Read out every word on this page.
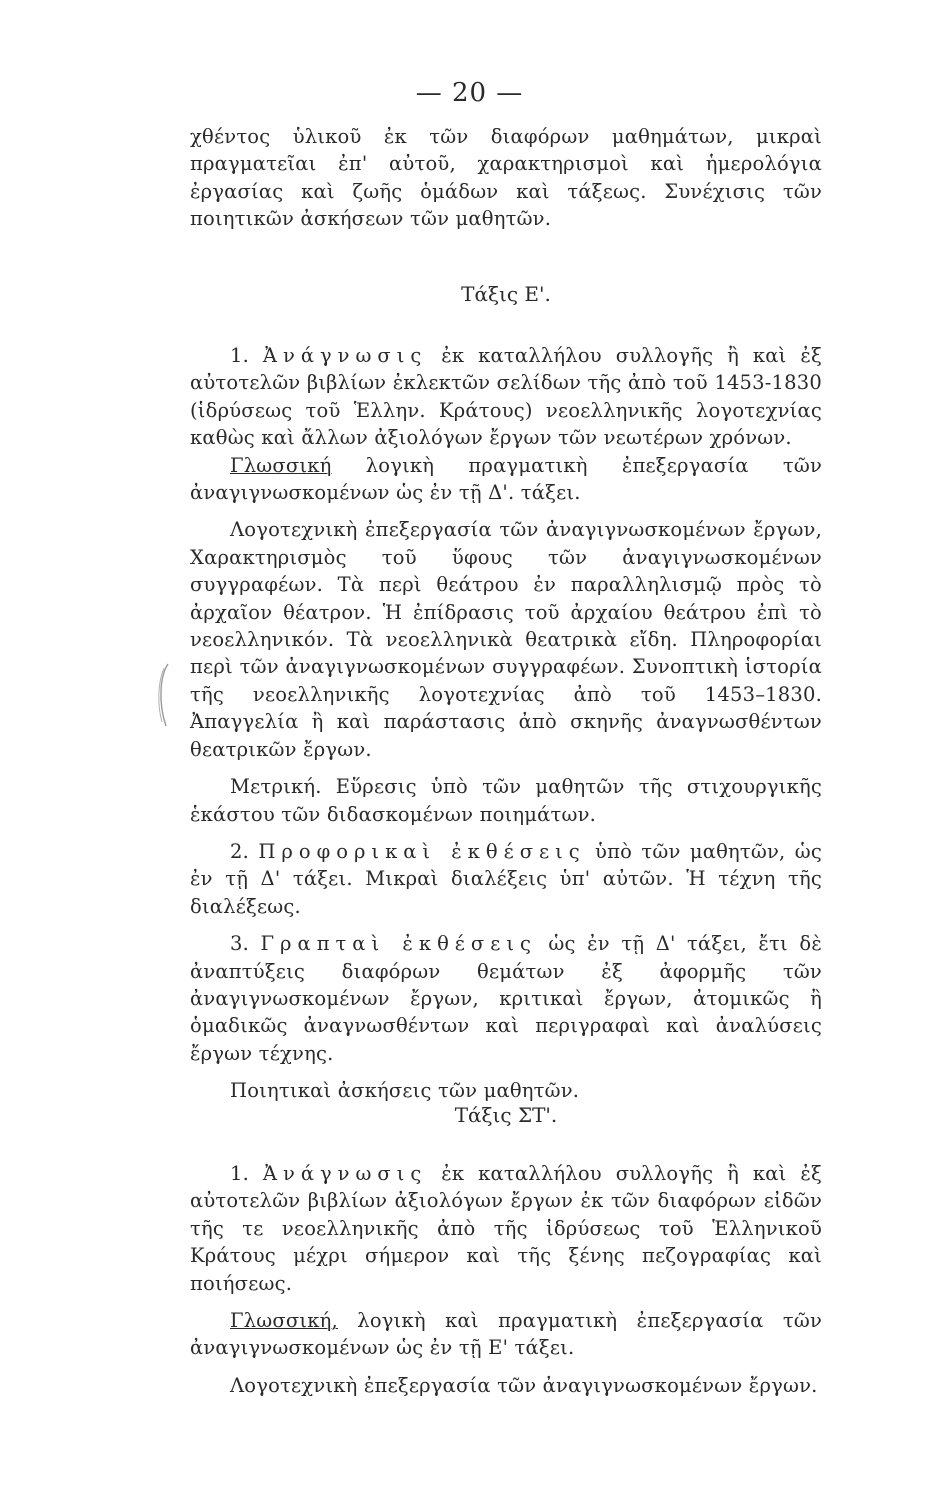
— 20 —

χθέντος ὑλικοῦ ἐκ τῶν διαφόρων μαθημάτων, μικραὶ πραγματεῖαι ἐπ' αὐτοῦ, χαρακτηρισμοὶ καὶ ἡμερολόγια ἐργασίας καὶ ζωῆς ὁμάδων καὶ τάξεως. Συνέχισις τῶν ποιητικῶν ἀσκήσεων τῶν μαθητῶν.

Τάξις Ε'.

1. Ἀνάγνωσις ἐκ καταλλήλου συλλογῆς ἢ καὶ ἐξ αὐτοτελῶν βιβλίων ἐκλεκτῶν σελίδων τῆς ἀπὸ τοῦ 1453-1830 (ἱδρύσεως τοῦ Ἑλλην. Κράτους) νεοελληνικῆς λογοτεχνίας καθὼς καὶ ἄλλων ἀξιολόγων ἔργων τῶν νεωτέρων χρόνων.

Γλωσσική λογικὴ πραγματικὴ ἐπεξεργασία τῶν ἀναγιγνωσκομένων ὡς ἐν τῇ Δ'. τάξει.

Λογοτεχνικὴ ἐπεξεργασία τῶν ἀναγιγνωσκομένων ἔργων, Χαρακτηρισμὸς τοῦ ὕφους τῶν ἀναγιγνωσκομένων συγγραφέων. Τὰ περὶ θεάτρου ἐν παραλληλισμῷ πρὸς τὸ ἀρχαῖον θέατρον. Ἡ ἐπίδρασις τοῦ ἀρχαίου θεάτρου ἐπὶ τὸ νεοελληνικόν. Τὰ νεοελληνικὰ θεατρικὰ εἴδη. Πληροφορίαι περὶ τῶν ἀναγιγνωσκομένων συγγραφέων. Συνοπτικὴ ἱστορία τῆς νεοελληνικῆς λογοτεχνίας ἀπὸ τοῦ 1453–1830. Ἀπαγγελία ἢ καὶ παράστασις ἀπὸ σκηνῆς ἀναγνωσθέντων θεατρικῶν ἔργων.

Μετρική. Εὕρεσις ὑπὸ τῶν μαθητῶν τῆς στιχουργικῆς ἑκάστου τῶν διδασκομένων ποιημάτων.

2. Προφορικαὶ ἐκθέσεις ὑπὸ τῶν μαθητῶν, ὡς ἐν τῇ Δ' τάξει. Μικραὶ διαλέξεις ὑπ' αὐτῶν. Ἡ τέχνη τῆς διαλέξεως.

3. Γραπταὶ ἐκθέσεις ὡς ἐν τῇ Δ' τάξει, ἔτι δὲ ἀναπτύξεις διαφόρων θεμάτων ἐξ ἀφορμῆς τῶν ἀναγιγνωσκομένων ἔργων, κριτικαὶ ἔργων, ἀτομικῶς ἢ ὁμαδικῶς ἀναγνωσθέντων καὶ περιγραφαὶ καὶ ἀναλύσεις ἔργων τέχνης.

Ποιητικαὶ ἀσκήσεις τῶν μαθητῶν.

Τάξις ΣΤ'.

1. Ἀνάγνωσις ἐκ καταλλήλου συλλογῆς ἢ καὶ ἐξ αὐτοτελῶν βιβλίων ἀξιολόγων ἔργων ἐκ τῶν διαφόρων εἰδῶν τῆς τε νεοελληνικῆς ἀπὸ τῆς ἱδρύσεως τοῦ Ἑλληνικοῦ Κράτους μέχρι σήμερον καὶ τῆς ξένης πεζογραφίας καὶ ποιήσεως.

Γλωσσική, λογικὴ καὶ πραγματικὴ ἐπεξεργασία τῶν ἀναγιγνωσκομένων ὡς ἐν τῇ Ε' τάξει.

Λογοτεχνικὴ ἐπεξεργασία τῶν ἀναγιγνωσκομένων ἔργων.
